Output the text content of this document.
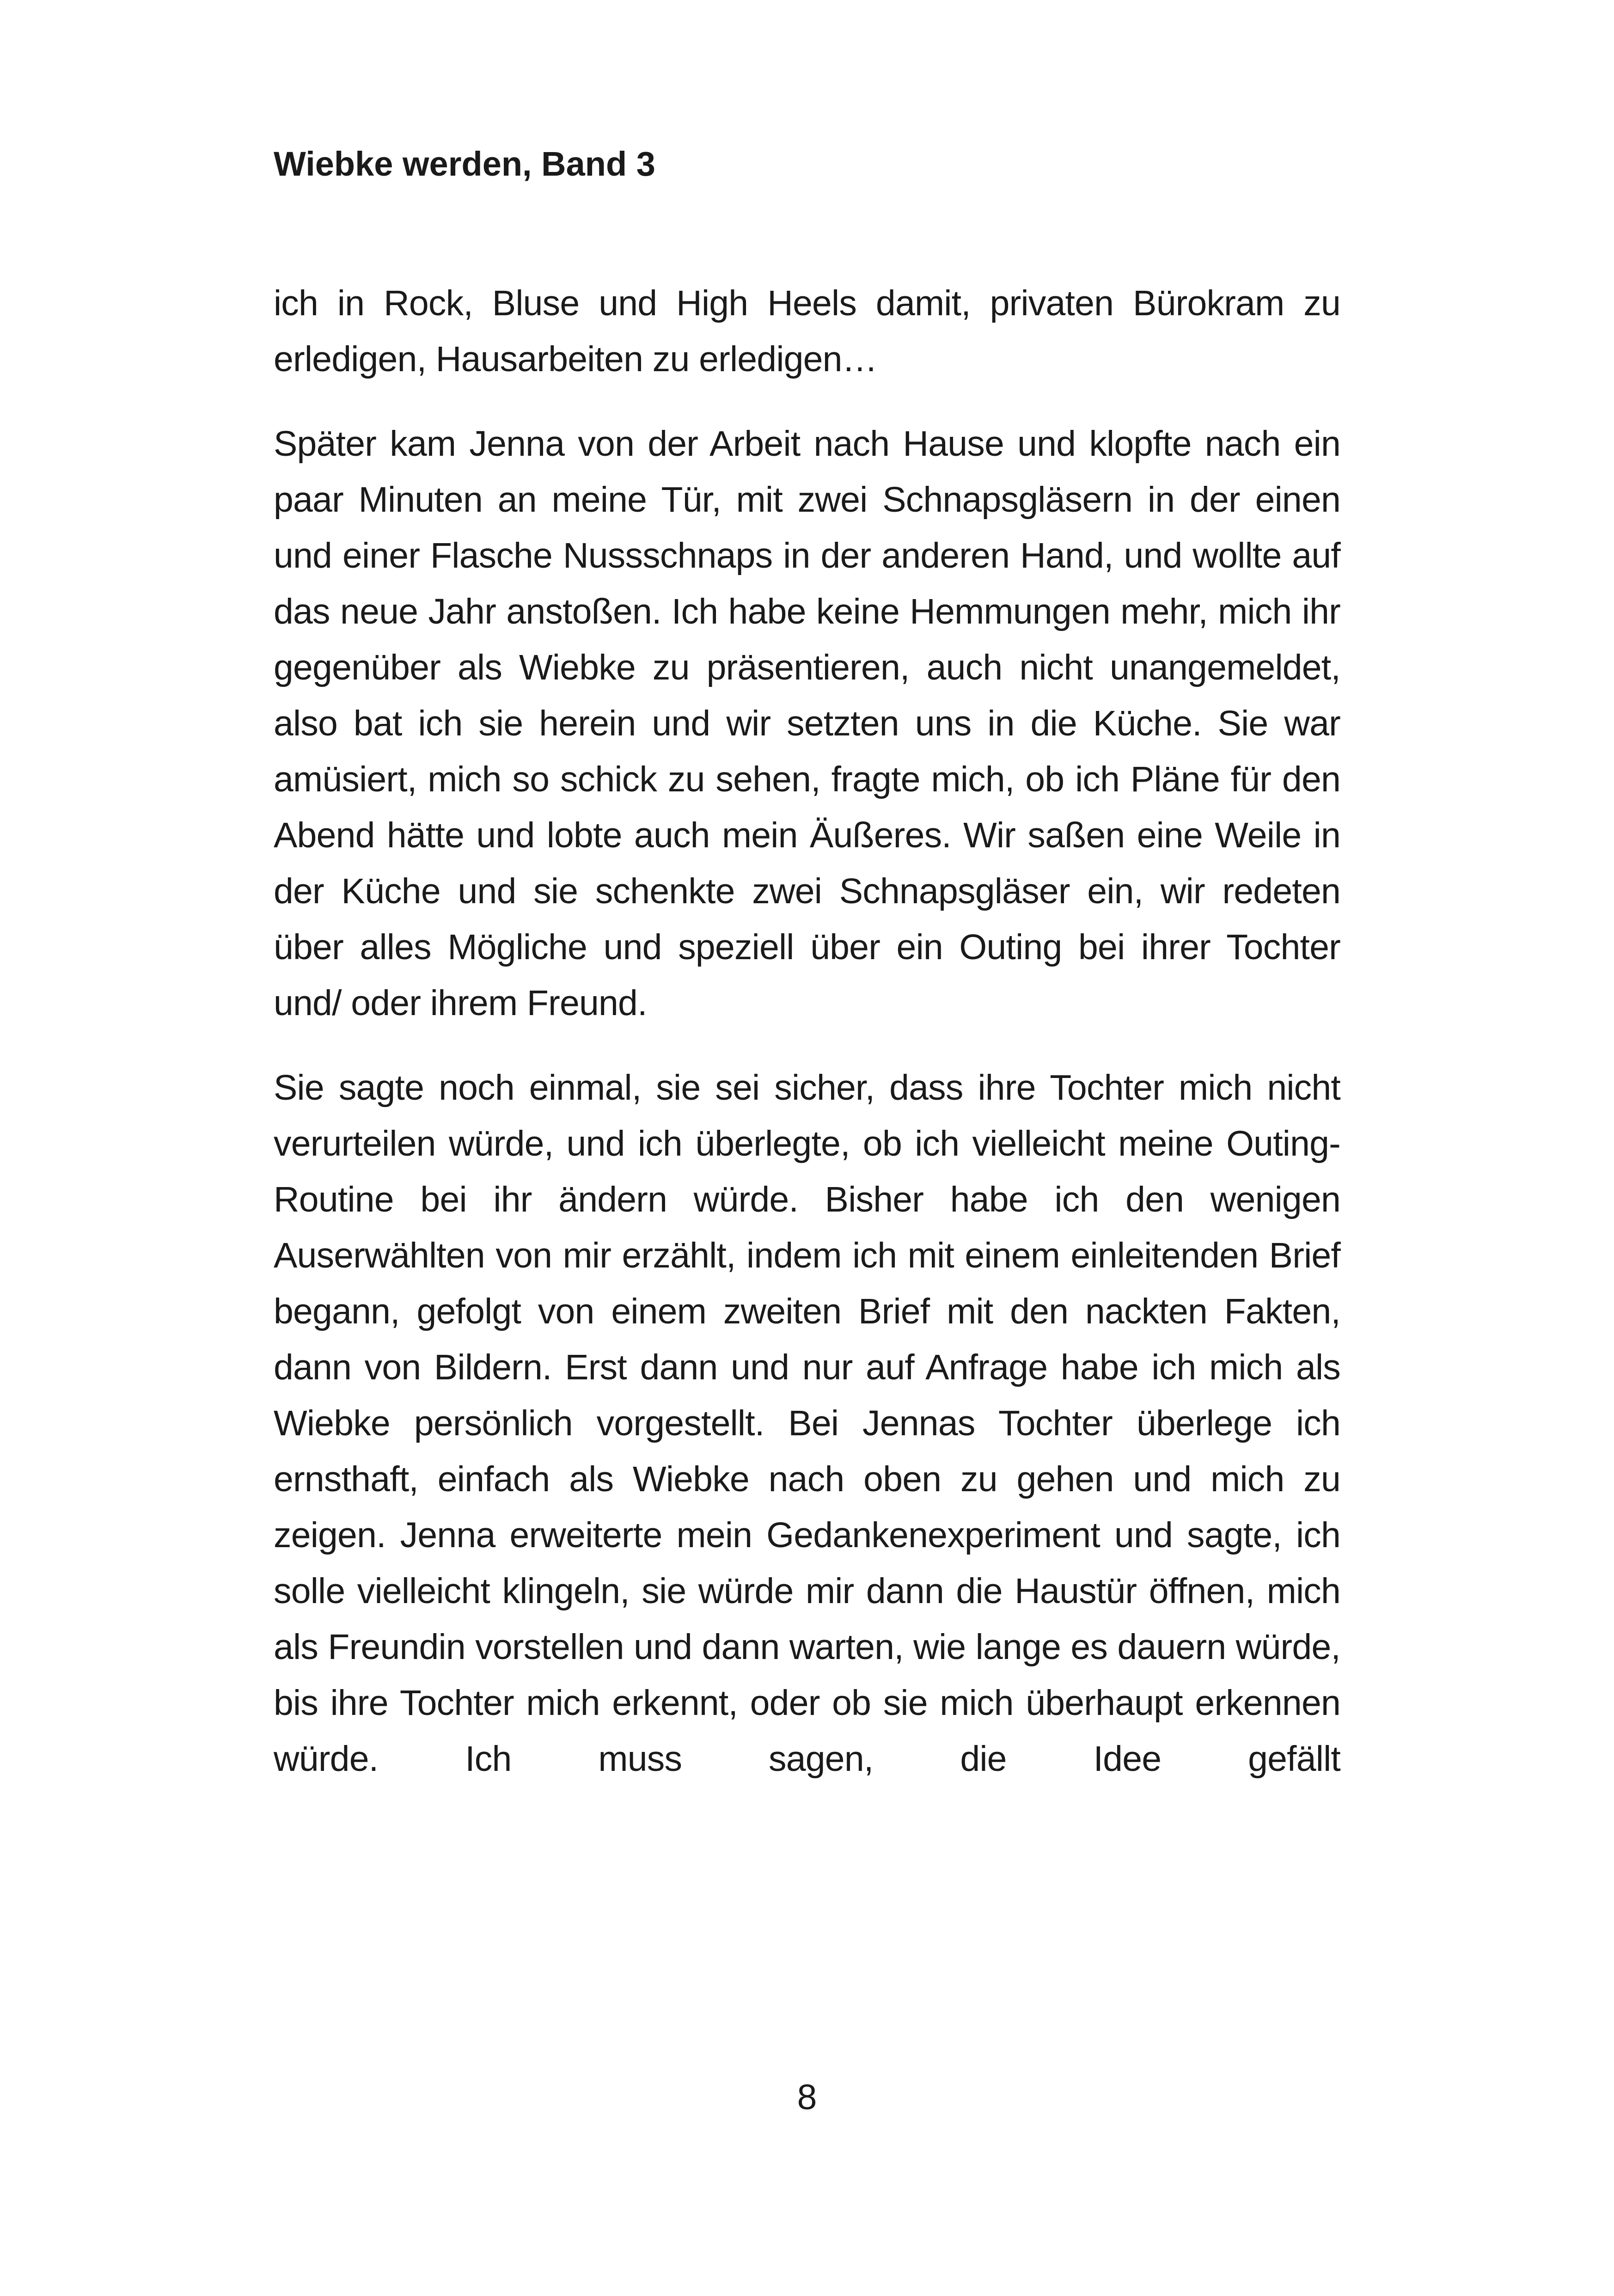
Wiebke werden, Band 3

ich in Rock, Bluse und High Heels damit, privaten Bürokram zu erledigen, Hausarbeiten zu erledigen…

Später kam Jenna von der Arbeit nach Hause und klopfte nach ein paar Minuten an meine Tür, mit zwei Schnapsgläsern in der einen und einer Flasche Nussschnaps in der anderen Hand, und wollte auf das neue Jahr anstoßen. Ich habe keine Hemmungen mehr, mich ihr gegenüber als Wiebke zu präsentieren, auch nicht unangemeldet, also bat ich sie herein und wir setzten uns in die Küche. Sie war amüsiert, mich so schick zu sehen, fragte mich, ob ich Pläne für den Abend hätte und lobte auch mein Äußeres. Wir saßen eine Weile in der Küche und sie schenkte zwei Schnapsgläser ein, wir redeten über alles Mögliche und speziell über ein Outing bei ihrer Tochter und/ oder ihrem Freund.

Sie sagte noch einmal, sie sei sicher, dass ihre Tochter mich nicht verurteilen würde, und ich überlegte, ob ich vielleicht meine Outing- Routine bei ihr ändern würde. Bisher habe ich den wenigen Auserwählten von mir erzählt, indem ich mit einem einleitenden Brief begann, gefolgt von einem zweiten Brief mit den nackten Fakten, dann von Bildern. Erst dann und nur auf Anfrage habe ich mich als Wiebke persönlich vorgestellt. Bei Jennas Tochter überlege ich ernsthaft, einfach als Wiebke nach oben zu gehen und mich zu zeigen. Jenna erweiterte mein Gedankenexperiment und sagte, ich solle vielleicht klingeln, sie würde mir dann die Haustür öffnen, mich als Freundin vorstellen und dann warten, wie lange es dauern würde, bis ihre Tochter mich erkennt, oder ob sie mich überhaupt erkennen würde. Ich muss sagen, die Idee gefällt

8
